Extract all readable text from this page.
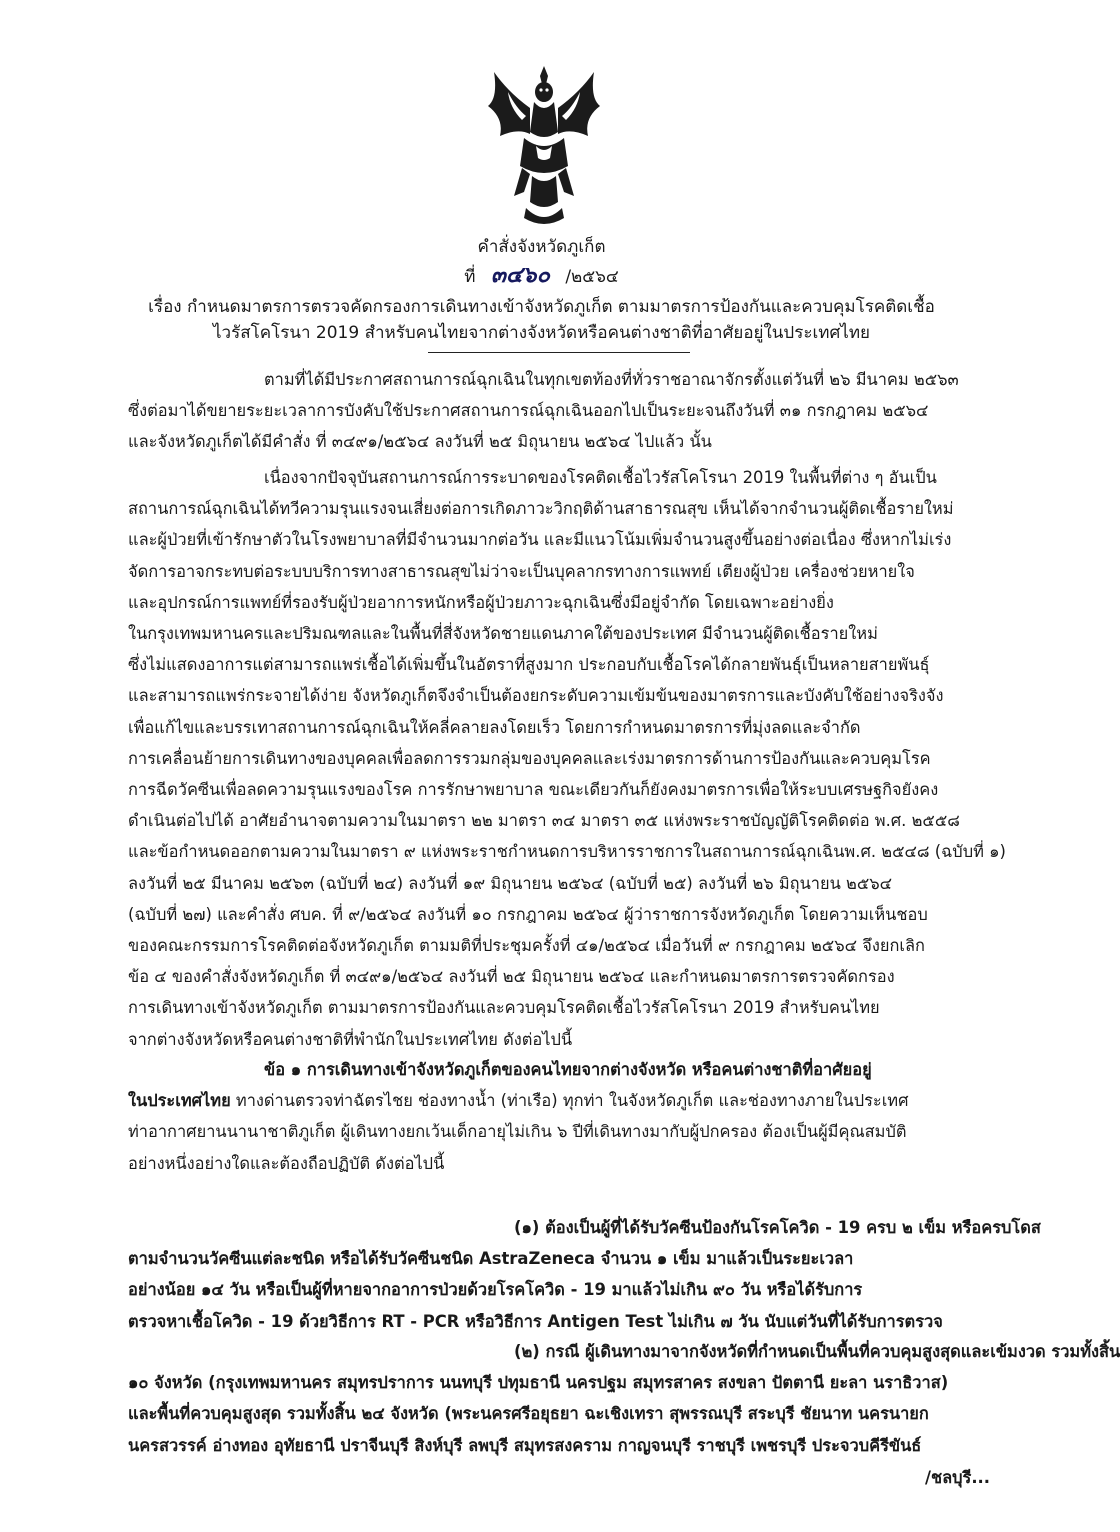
คำสั่งจังหวัดภูเก็ต
ที่ ๓๔๖๐ /๒๕๖๔
เรื่อง กำหนดมาตรการตรวจคัดกรองการเดินทางเข้าจังหวัดภูเก็ต ตามมาตรการป้องกันและควบคุมโรคติดเชื้อ
ไวรัสโคโรนา 2019 สำหรับคนไทยจากต่างจังหวัดหรือคนต่างชาติที่อาศัยอยู่ในประเทศไทย
ตามที่ได้มีประกาศสถานการณ์ฉุกเฉินในทุกเขตท้องที่ทั่วราชอาณาจักรตั้งแต่วันที่ ๒๖ มีนาคม ๒๕๖๓
ซึ่งต่อมาได้ขยายระยะเวลาการบังคับใช้ประกาศสถานการณ์ฉุกเฉินออกไปเป็นระยะจนถึงวันที่ ๓๑ กรกฎาคม ๒๕๖๔
และจังหวัดภูเก็ตได้มีคำสั่ง ที่ ๓๔๙๑/๒๕๖๔ ลงวันที่ ๒๕ มิถุนายน ๒๕๖๔ ไปแล้ว นั้น
เนื่องจากปัจจุบันสถานการณ์การระบาดของโรคติดเชื้อไวรัสโคโรนา 2019 ในพื้นที่ต่าง ๆ อันเป็น
สถานการณ์ฉุกเฉินได้ทวีความรุนแรงจนเสี่ยงต่อการเกิดภาวะวิกฤติด้านสาธารณสุข เห็นได้จากจำนวนผู้ติดเชื้อรายใหม่
และผู้ป่วยที่เข้ารักษาตัวในโรงพยาบาลที่มีจำนวนมากต่อวัน และมีแนวโน้มเพิ่มจำนวนสูงขึ้นอย่างต่อเนื่อง ซึ่งหากไม่เร่ง
จัดการอาจกระทบต่อระบบบริการทางสาธารณสุขไม่ว่าจะเป็นบุคลากรทางการแพทย์ เตียงผู้ป่วย เครื่องช่วยหายใจ
และอุปกรณ์การแพทย์ที่รองรับผู้ป่วยอาการหนักหรือผู้ป่วยภาวะฉุกเฉินซึ่งมีอยู่จำกัด โดยเฉพาะอย่างยิ่ง
ในกรุงเทพมหานครและปริมณฑลและในพื้นที่สี่จังหวัดชายแดนภาคใต้ของประเทศ มีจำนวนผู้ติดเชื้อรายใหม่
ซึ่งไม่แสดงอาการแต่สามารถแพร่เชื้อได้เพิ่มขึ้นในอัตราที่สูงมาก ประกอบกับเชื้อโรคได้กลายพันธุ์เป็นหลายสายพันธุ์
และสามารถแพร่กระจายได้ง่าย จังหวัดภูเก็ตจึงจำเป็นต้องยกระดับความเข้มข้นของมาตรการและบังคับใช้อย่างจริงจัง
เพื่อแก้ไขและบรรเทาสถานการณ์ฉุกเฉินให้คลี่คลายลงโดยเร็ว โดยการกำหนดมาตรการที่มุ่งลดและจำกัด
การเคลื่อนย้ายการเดินทางของบุคคลเพื่อลดการรวมกลุ่มของบุคคลและเร่งมาตรการด้านการป้องกันและควบคุมโรค
การฉีดวัคซีนเพื่อลดความรุนแรงของโรค การรักษาพยาบาล ขณะเดียวกันก็ยังคงมาตรการเพื่อให้ระบบเศรษฐกิจยังคง
ดำเนินต่อไปได้ อาศัยอำนาจตามความในมาตรา ๒๒ มาตรา ๓๔ มาตรา ๓๕ แห่งพระราชบัญญัติโรคติดต่อ พ.ศ. ๒๕๕๘
และข้อกำหนดออกตามความในมาตรา ๙ แห่งพระราชกำหนดการบริหารราชการในสถานการณ์ฉุกเฉินพ.ศ. ๒๕๔๘ (ฉบับที่ ๑)
ลงวันที่ ๒๕ มีนาคม ๒๕๖๓ (ฉบับที่ ๒๔) ลงวันที่ ๑๙ มิถุนายน ๒๕๖๔ (ฉบับที่ ๒๕) ลงวันที่ ๒๖ มิถุนายน ๒๕๖๔
(ฉบับที่ ๒๗) และคำสั่ง ศบค. ที่ ๙/๒๕๖๔ ลงวันที่ ๑๐ กรกฎาคม ๒๕๖๔ ผู้ว่าราชการจังหวัดภูเก็ต โดยความเห็นชอบ
ของคณะกรรมการโรคติดต่อจังหวัดภูเก็ต ตามมติที่ประชุมครั้งที่ ๔๑/๒๕๖๔ เมื่อวันที่ ๙ กรกฎาคม ๒๕๖๔ จึงยกเลิก
ข้อ ๔ ของคำสั่งจังหวัดภูเก็ต ที่ ๓๔๙๑/๒๕๖๔ ลงวันที่ ๒๕ มิถุนายน ๒๕๖๔ และกำหนดมาตรการตรวจคัดกรอง
การเดินทางเข้าจังหวัดภูเก็ต ตามมาตรการป้องกันและควบคุมโรคติดเชื้อไวรัสโคโรนา 2019 สำหรับคนไทย
จากต่างจังหวัดหรือคนต่างชาติที่พำนักในประเทศไทย ดังต่อไปนี้
ข้อ ๑ การเดินทางเข้าจังหวัดภูเก็ตของคนไทยจากต่างจังหวัด หรือคนต่างชาติที่อาศัยอยู่
ในประเทศไทย ทางด่านตรวจท่าฉัตรไชย ช่องทางน้ำ (ท่าเรือ) ทุกท่า ในจังหวัดภูเก็ต และช่องทางภายในประเทศ
ท่าอากาศยานนานาชาติภูเก็ต ผู้เดินทางยกเว้นเด็กอายุไม่เกิน ๖ ปีที่เดินทางมากับผู้ปกครอง ต้องเป็นผู้มีคุณสมบัติ
อย่างหนึ่งอย่างใดและต้องถือปฏิบัติ ดังต่อไปนี้
(๑) ต้องเป็นผู้ที่ได้รับวัคซีนป้องกันโรคโควิด - 19 ครบ ๒ เข็ม หรือครบโดส
ตามจำนวนวัคซีนแต่ละชนิด หรือได้รับวัคซีนชนิด AstraZeneca จำนวน ๑ เข็ม มาแล้วเป็นระยะเวลา
อย่างน้อย ๑๔ วัน หรือเป็นผู้ที่หายจากอาการป่วยด้วยโรคโควิด - 19 มาแล้วไม่เกิน ๙๐ วัน หรือได้รับการ
ตรวจหาเชื้อโควิด - 19 ด้วยวิธีการ RT - PCR หรือวิธีการ Antigen Test ไม่เกิน ๗ วัน นับแต่วันที่ได้รับการตรวจ
(๒) กรณี ผู้เดินทางมาจากจังหวัดที่กำหนดเป็นพื้นที่ควบคุมสูงสุดและเข้มงวด รวมทั้งสิ้น
๑๐ จังหวัด (กรุงเทพมหานคร สมุทรปราการ นนทบุรี ปทุมธานี นครปฐม สมุทรสาคร สงขลา ปัตตานี ยะลา นราธิวาส)
และพื้นที่ควบคุมสูงสุด รวมทั้งสิ้น ๒๔ จังหวัด (พระนครศรีอยุธยา ฉะเชิงเทรา สุพรรณบุรี สระบุรี ชัยนาท นครนายก
นครสวรรค์ อ่างทอง อุทัยธานี ปราจีนบุรี สิงห์บุรี ลพบุรี สมุทรสงคราม กาญจนบุรี ราชบุรี เพชรบุรี ประจวบคีรีขันธ์
/ชลบุรี...
